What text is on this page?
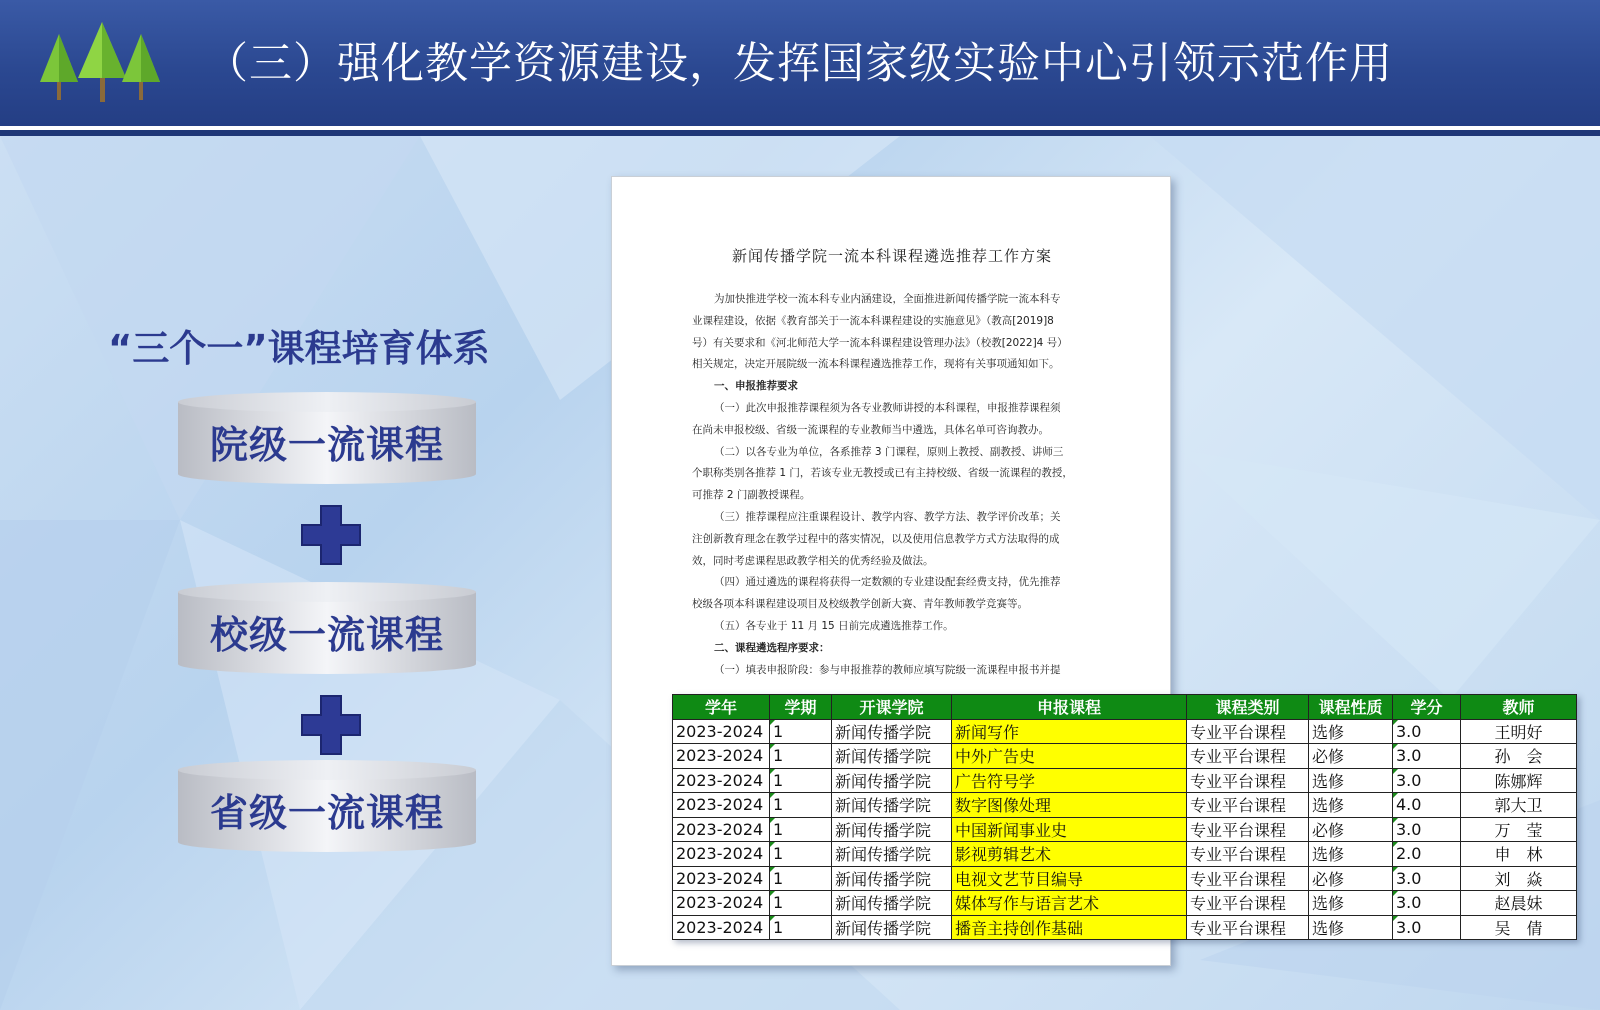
（三）强化教学资源建设，发挥国家级实验中心引领示范作用
“三个一”课程培育体系
院级一流课程
校级一流课程
省级一流课程
新闻传播学院一流本科课程遴选推荐工作方案
为加快推进学校一流本科专业内涵建设，全面推进新闻传播学院一流本科专
业课程建设，依据《教育部关于一流本科课程建设的实施意见》（教高[2019]8
号）有关要求和《河北师范大学一流本科课程建设管理办法》（校教[2022]4 号）
相关规定，决定开展院级一流本科课程遴选推荐工作，现将有关事项通知如下。
一、申报推荐要求
（一）此次申报推荐课程须为各专业教师讲授的本科课程，申报推荐课程须
在尚未申报校级、省级一流课程的专业教师当中遴选，具体名单可咨询教办。
（二）以各专业为单位，各系推荐 3 门课程，原则上教授、副教授、讲师三
个职称类别各推荐 1 门，若该专业无教授或已有主持校级、省级一流课程的教授，
可推荐 2 门副教授课程。
（三）推荐课程应注重课程设计、教学内容、教学方法、教学评价改革；关
注创新教育理念在教学过程中的落实情况，以及使用信息教学方式方法取得的成
效，同时考虑课程思政教学相关的优秀经验及做法。
（四）通过遴选的课程将获得一定数额的专业建设配套经费支持，优先推荐
校级各项本科课程建设项目及校级教学创新大赛、青年教师教学竞赛等。
（五）各专业于 11 月 15 日前完成遴选推荐工作。
二、课程遴选程序要求：
（一）填表申报阶段：参与申报推荐的教师应填写院级一流课程申报书并提
学年	学期	开课学院	申报课程	课程类别	课程性质	学分	教师
2023-2024	1	新闻传播学院	新闻写作	专业平台课程	选修	3.0	王明好
2023-2024	1	新闻传播学院	中外广告史	专业平台课程	必修	3.0	孙　会
2023-2024	1	新闻传播学院	广告符号学	专业平台课程	选修	3.0	陈娜辉
2023-2024	1	新闻传播学院	数字图像处理	专业平台课程	选修	4.0	郭大卫
2023-2024	1	新闻传播学院	中国新闻事业史	专业平台课程	必修	3.0	万　莹
2023-2024	1	新闻传播学院	影视剪辑艺术	专业平台课程	选修	2.0	申　林
2023-2024	1	新闻传播学院	电视文艺节目编导	专业平台课程	必修	3.0	刘　焱
2023-2024	1	新闻传播学院	媒体写作与语言艺术	专业平台课程	选修	3.0	赵晨妹
2023-2024	1	新闻传播学院	播音主持创作基础	专业平台课程	选修	3.0	吴　倩
